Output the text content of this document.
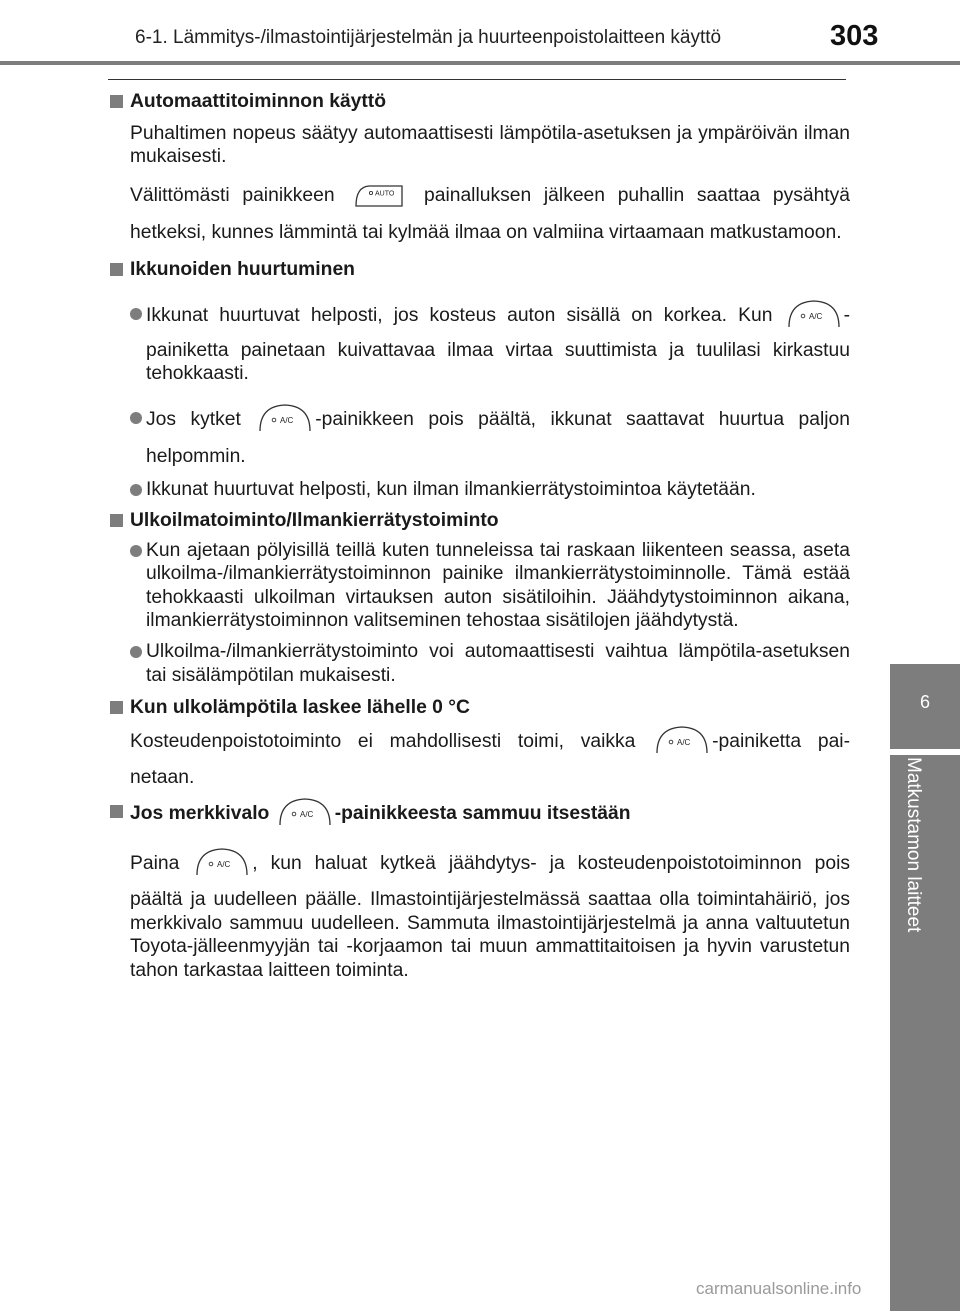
6-1. Lämmitys-/ilmastointijärjestelmän ja huurteenpoistolaitteen käyttö	303
6
Matkustamon laitteet

Automaattitoiminnon käyttö

Puhaltimen nopeus säätyy automaattisesti lämpötila-asetuksen ja ympäröivän ilman mukaisesti.

Välittömästi painikkeen	AUTO painalluksen jälkeen puhallin saattaa pysähtyä

hetkeksi, kunnes lämmintä tai kylmää ilmaa on valmiina virtaamaan matkustamoon.

Ikkunoiden huurtuminen

Ikkunat huurtuvat helposti, jos kosteus auton sisällä on korkea. Kun	A/C -

painiketta painetaan kuivattavaa ilmaa virtaa suuttimista ja tuulilasi kirkastuu tehokkaasti.

Jos kytket	A/C -painikkeen pois päältä, ikkunat saattavat huurtua paljon

helpommin.

Ikkunat huurtuvat helposti, kun ilman ilmankierrätystoimintoa käytetään.

Ulkoilmatoiminto/Ilmankierrätystoiminto

Kun ajetaan pölyisillä teillä kuten tunneleissa tai raskaan liikenteen seassa, aseta ulkoilma-/ilmankierrätystoiminnon painike ilmankierrätystoiminnolle. Tämä estää tehokkaasti ulkoilman virtauksen auton sisätiloihin. Jäähdytystoiminnon aikana, ilmankierrätystoiminnon valitseminen tehostaa sisätilojen jäähdytystä.

Ulkoilma-/ilmankierrätystoiminto voi automaattisesti vaihtua lämpötila-asetuksen tai sisälämpötilan mukaisesti.

Kun ulkolämpötila laskee lähelle 0 °C

Kosteudenpoistotoiminto ei mahdollisesti toimi, vaikka	A/C -painiketta pai-

netaan.

Jos merkkivalo	A/C -painikkeesta sammuu itsestään

Paina	A/C , kun haluat kytkeä jäähdytys- ja kosteudenpoistotoiminnon pois

päältä ja uudelleen päälle. Ilmastointijärjestelmässä saattaa olla toimintahäiriö, jos merkkivalo sammuu uudelleen. Sammuta ilmastointijärjestelmä ja anna valtuutetun Toyota-jälleenmyyjän tai -korjaamon tai muun ammattitaitoisen ja hyvin varustetun tahon tarkastaa laitteen toiminta.

carmanualsonline.info
